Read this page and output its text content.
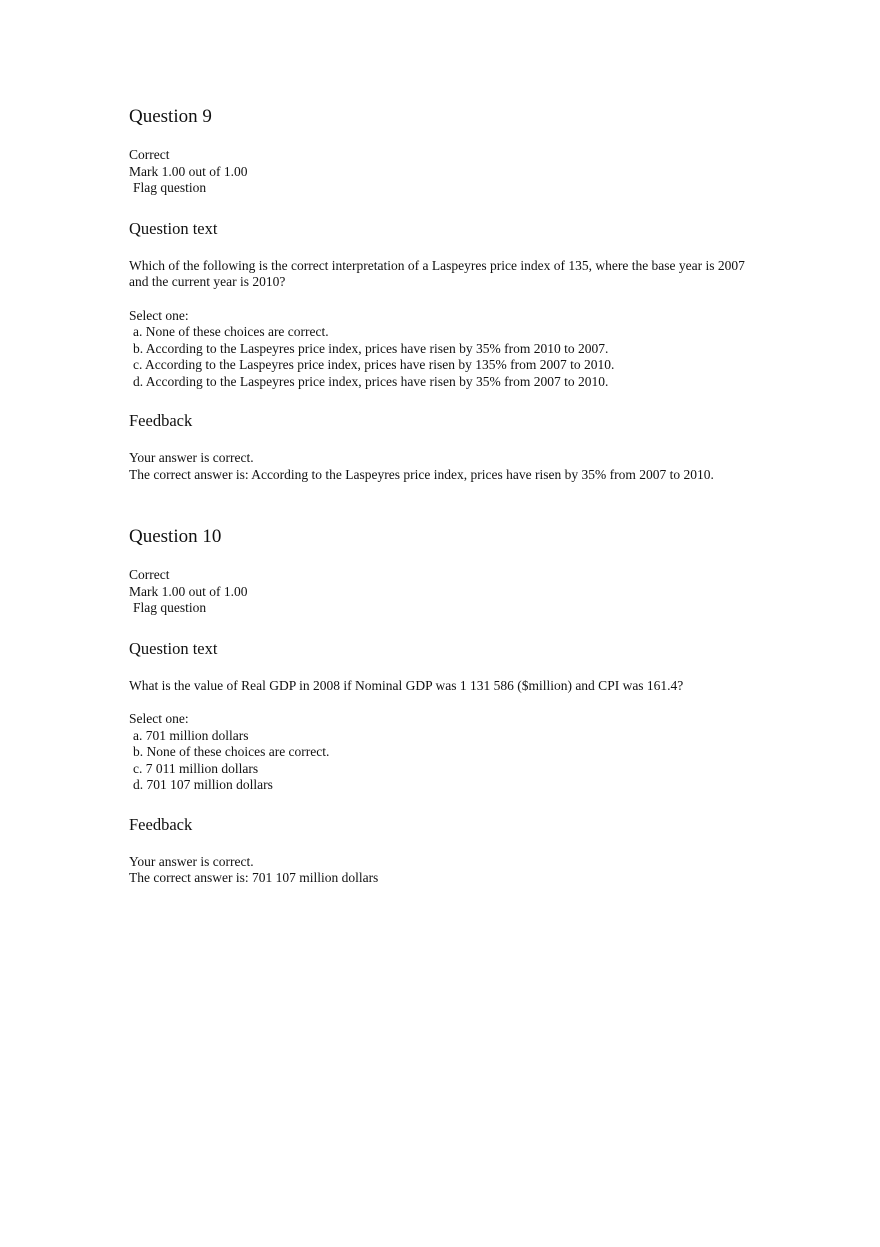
Question 9
Correct
Mark 1.00 out of 1.00
Flag question
Question text
Which of the following is the correct interpretation of a Laspeyres price index of 135, where the base year is 2007 and the current year is 2010?
Select one:
a. None of these choices are correct.
b. According to the Laspeyres price index, prices have risen by 35% from 2010 to 2007.
c. According to the Laspeyres price index, prices have risen by 135% from 2007 to 2010.
d. According to the Laspeyres price index, prices have risen by 35% from 2007 to 2010.
Feedback
Your answer is correct.
The correct answer is: According to the Laspeyres price index, prices have risen by 35% from 2007 to 2010.
Question 10
Correct
Mark 1.00 out of 1.00
Flag question
Question text
What is the value of Real GDP in 2008 if Nominal GDP was 1 131 586 ($million) and CPI was 161.4?
Select one:
a. 701 million dollars
b. None of these choices are correct.
c. 7 011 million dollars
d. 701 107 million dollars
Feedback
Your answer is correct.
The correct answer is: 701 107 million dollars
